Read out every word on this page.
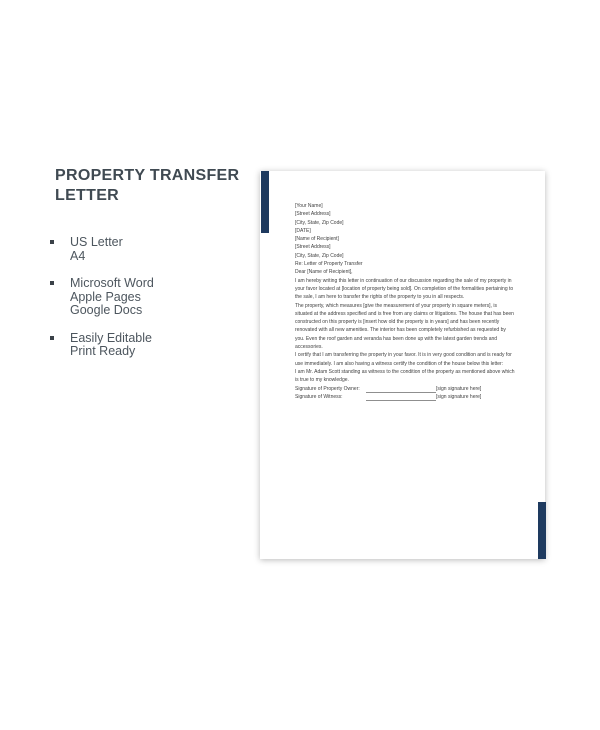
PROPERTY TRANSFER LETTER
US Letter
A4
Microsoft Word
Apple Pages
Google Docs
Easily Editable
Print Ready
[Your Name]
[Street Address]
[City, State, Zip Code]
[DATE]
[Name of Recipient]
[Street Address]
[City, State, Zip Code]
Re: Letter of Property Transfer
Dear [Name of Recipient],

I am hereby writing this letter in continuation of our discussion regarding the sale of my property in your favor located at [location of property being sold]. On completion of the formalities pertaining to the sale, I am here to transfer the rights of the property to you in all respects.

The property, which measures [give the measurement of your property in square meters], is situated at the address specified and is free from any claims or litigations. The house that has been constructed on this property is [insert how old the property is in years] and has been recently renovated with all new amenities. The interior has been completely refurbished as requested by you. Even the roof garden and veranda has been done up with the latest garden trends and accessories.

I certify that I am transferring the property in your favor. It is in very good condition and is ready for use immediately. I am also having a witness certify the condition of the house below this letter:

I am Mr. Adam Scott standing as witness to the condition of the property as mentioned above which is true to my knowledge.

Signature of Property Owner:	[sign signature here]
Signature of Witness:	[sign signature here]
